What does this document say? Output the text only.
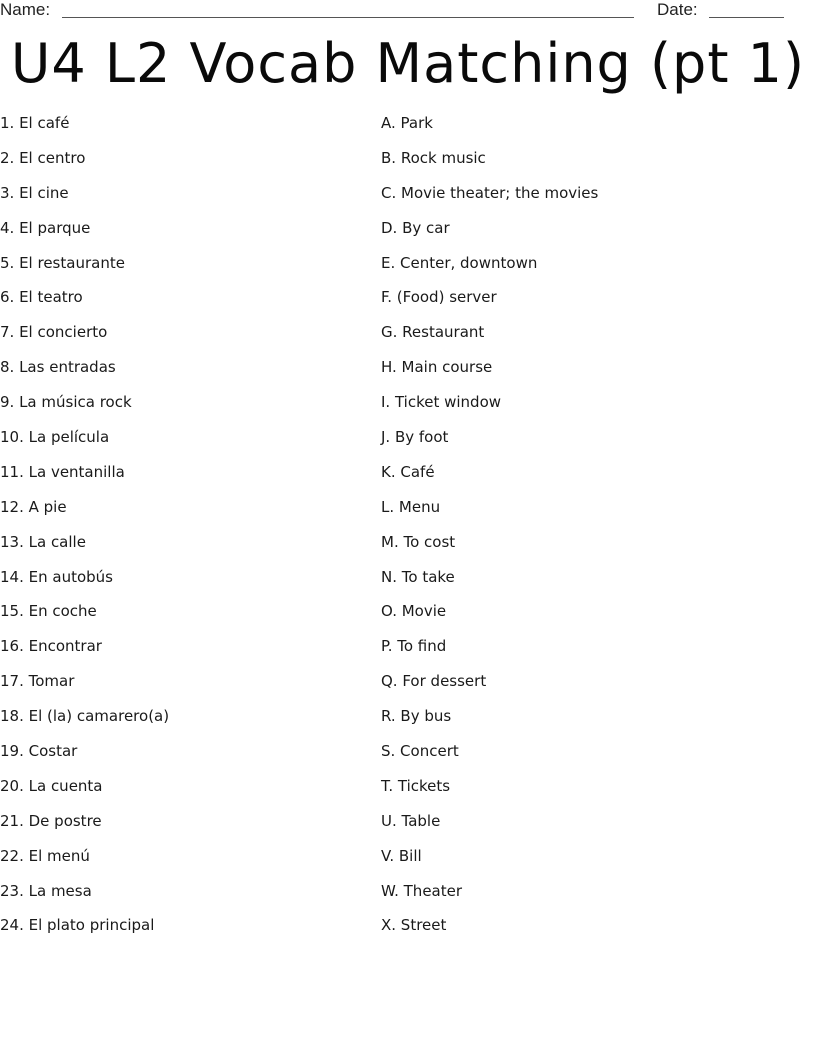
Name:	Date:
U4 L2 Vocab Matching (pt 1)
1. El café
2. El centro
3. El cine
4. El parque
5. El restaurante
6. El teatro
7. El concierto
8. Las entradas
9. La música rock
10. La película
11. La ventanilla
12. A pie
13. La calle
14. En autobús
15. En coche
16. Encontrar
17. Tomar
18. El (la) camarero(a)
19. Costar
20. La cuenta
21. De postre
22. El menú
23. La mesa
24. El plato principal
A. Park
B. Rock music
C. Movie theater; the movies
D. By car
E. Center, downtown
F. (Food) server
G. Restaurant
H. Main course
I. Ticket window
J. By foot
K. Café
L. Menu
M. To cost
N. To take
O. Movie
P. To find
Q. For dessert
R. By bus
S. Concert
T. Tickets
U. Table
V. Bill
W. Theater
X. Street
